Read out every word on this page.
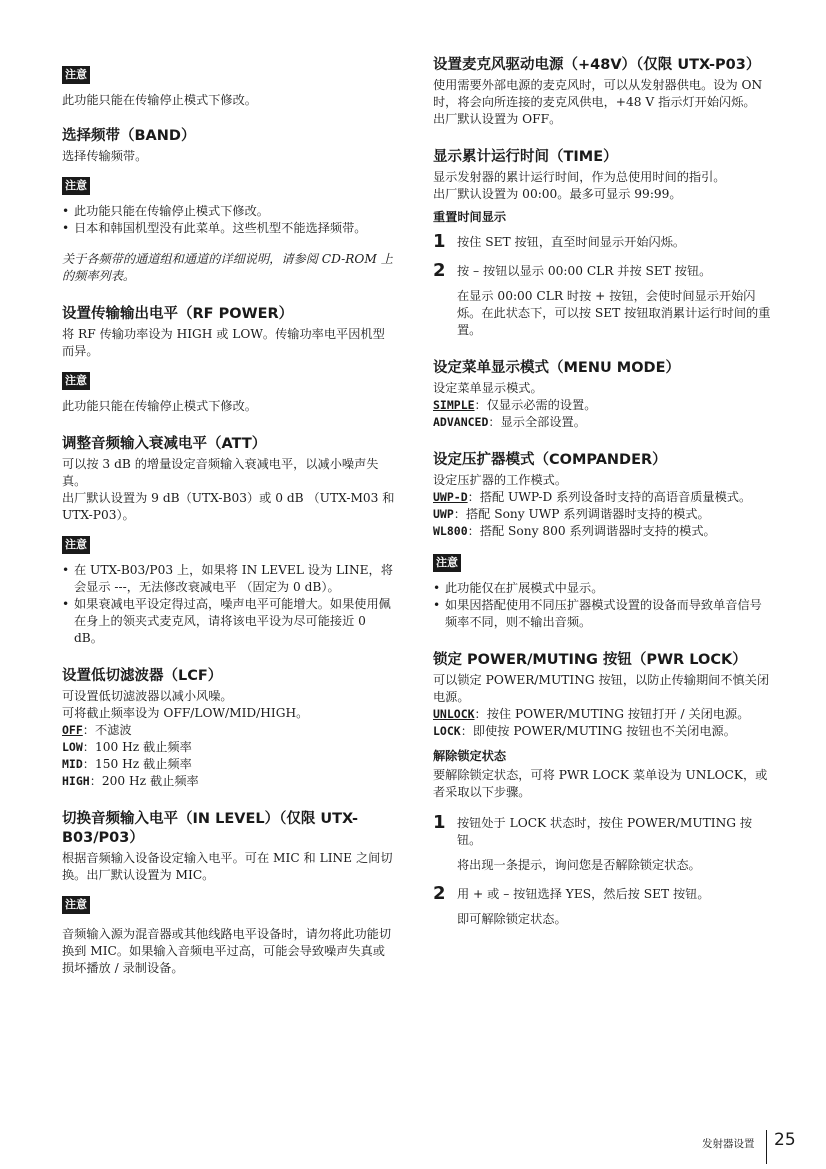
注意

此功能只能在传输停止模式下修改。

选择频带（BAND）

选择传输频带。

注意
• 此功能只能在传输停止模式下修改。
• 日本和韩国机型没有此菜单。这些机型不能选择频带。

关于各频带的通道组和通道的详细说明，请参阅 CD-ROM 上的频率列表。

设置传输输出电平（RF POWER）

将 RF 传输功率设为 HIGH 或 LOW。传输功率电平因机型而异。

注意

此功能只能在传输停止模式下修改。

调整音频输入衰减电平（ATT）

可以按 3 dB 的增量设定音频输入衰减电平，以减小噪声失真。

出厂默认设置为 9 dB（UTX-B03）或 0 dB （UTX-M03 和 UTX-P03）。

注意
• 在 UTX-B03/P03 上，如果将 IN LEVEL 设为 LINE，将会显示 ---，无法修改衰减电平 （固定为 0 dB）。
• 如果衰减电平设定得过高，噪声电平可能增大。如果使用佩在身上的领夹式麦克风，请将该电平设为尽可能接近 0 dB。
设置低切滤波器（LCF）

可设置低切滤波器以减小风噪。

可将截止频率设为 OFF/LOW/MID/HIGH。

OFF：不滤波

LOW：100 Hz 截止频率

MID：150 Hz 截止频率

HIGH：200 Hz 截止频率

切换音频输入电平（IN LEVEL）（仅限 UTX-B03/P03）

根据音频输入设备设定输入电平。可在 MIC 和 LINE 之间切换。出厂默认设置为 MIC。

注意

音频输入源为混音器或其他线路电平设备时，请勿将此功能切换到 MIC。如果输入音频电平过高，可能会导致噪声失真或损坏播放 / 录制设备。

设置麦克风驱动电源（+48V）（仅限 UTX-P03）

使用需要外部电源的麦克风时，可以从发射器供电。设为 ON 时，将会向所连接的麦克风供电，+48 V 指示灯开始闪烁。

出厂默认设置为 OFF。

显示累计运行时间（TIME）

显示发射器的累计运行时间，作为总使用时间的指引。

出厂默认设置为 00:00。最多可显示 99:99。

重置时间显示
1 按住 SET 按钮，直至时间显示开始闪烁。
2 按 – 按钮以显示 00:00 CLR 并按 SET 按钮。
在显示 00:00 CLR 时按 + 按钮，会使时间显示开始闪烁。在此状态下，可以按 SET 按钮取消累计运行时间的重置。
设定菜单显示模式（MENU MODE）

设定菜单显示模式。

SIMPLE：仅显示必需的设置。

ADVANCED：显示全部设置。

设定压扩器模式（COMPANDER）

设定压扩器的工作模式。

UWP-D：搭配 UWP-D 系列设备时支持的高语音质量模式。

UWP：搭配 Sony UWP 系列调谐器时支持的模式。

WL800：搭配 Sony 800 系列调谐器时支持的模式。

注意
• 此功能仅在扩展模式中显示。
• 如果因搭配使用不同压扩器模式设置的设备而导致单音信号频率不同，则不输出音频。
锁定 POWER/MUTING 按钮（PWR LOCK）

可以锁定 POWER/MUTING 按钮，以防止传输期间不慎关闭电源。

UNLOCK：按住 POWER/MUTING 按钮打开 / 关闭电源。

LOCK：即使按 POWER/MUTING 按钮也不关闭电源。

解除锁定状态

要解除锁定状态，可将 PWR LOCK 菜单设为 UNLOCK，或者采取以下步骤。

1 按钮处于 LOCK 状态时，按住 POWER/MUTING 按钮。
将出现一条提示，询问您是否解除锁定状态。
2 用 + 或 – 按钮选择 YES，然后按 SET 按钮。
即可解除锁定状态。
发射器设置 25
